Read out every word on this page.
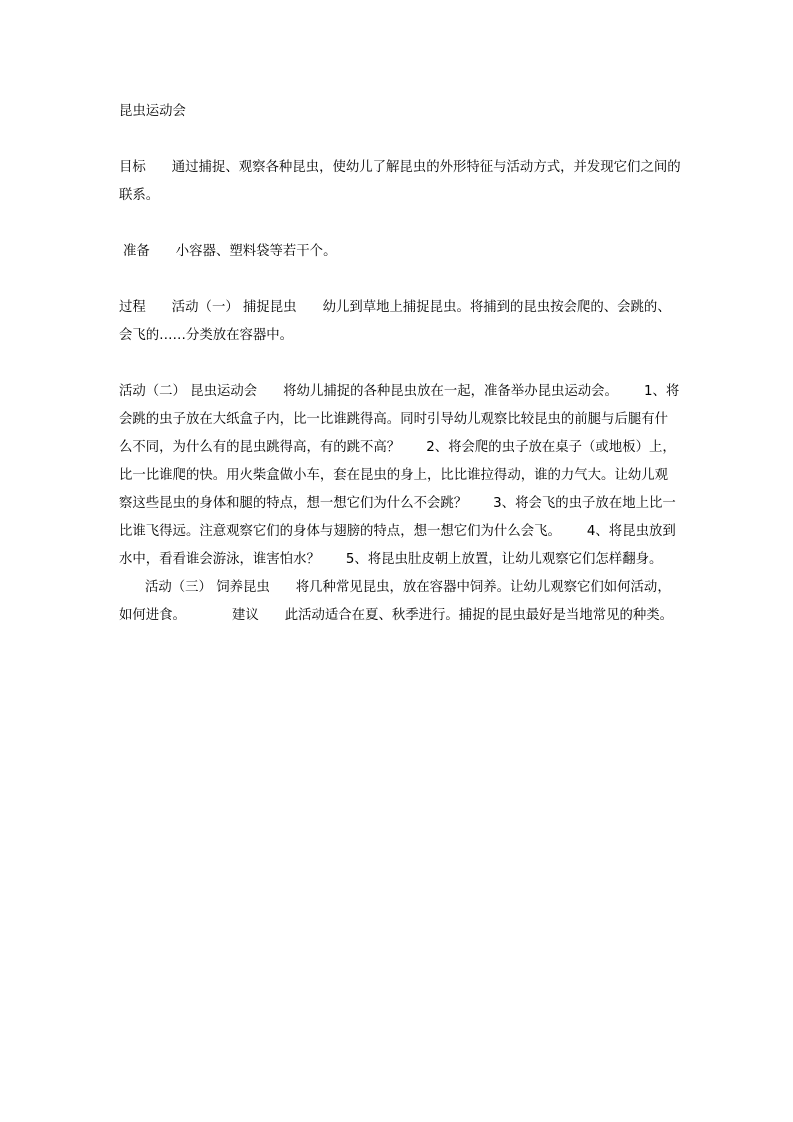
昆虫运动会

目标 通过捕捉、观察各种昆虫，使幼儿了解昆虫的外形特征与活动方式，并发现它们之间的联系。

准备 小容器、塑料袋等若干个。

过程 活动（一） 捕捉昆虫 幼儿到草地上捕捉昆虫。将捕到的昆虫按会爬的、会跳的、会飞的……分类放在容器中。

活动（二） 昆虫运动会 将幼儿捕捉的各种昆虫放在一起，准备举办昆虫运动会。 1、将会跳的虫子放在大纸盒子内，比一比谁跳得高。同时引导幼儿观察比较昆虫的前腿与后腿有什么不同，为什么有的昆虫跳得高，有的跳不高？ 2、将会爬的虫子放在桌子（或地板）上，比一比谁爬的快。用火柴盒做小车，套在昆虫的身上，比比谁拉得动，谁的力气大。让幼儿观察这些昆虫的身体和腿的特点，想一想它们为什么不会跳？ 3、将会飞的虫子放在地上比一比谁飞得远。注意观察它们的身体与翅膀的特点，想一想它们为什么会飞。 4、将昆虫放到水中，看看谁会游泳，谁害怕水？ 5、将昆虫肚皮朝上放置，让幼儿观察它们怎样翻身。活动（三） 饲养昆虫 将几种常见昆虫，放在容器中饲养。让幼儿观察它们如何活动，如何进食。	建议 此活动适合在夏、秋季进行。捕捉的昆虫最好是当地常见的种类。
